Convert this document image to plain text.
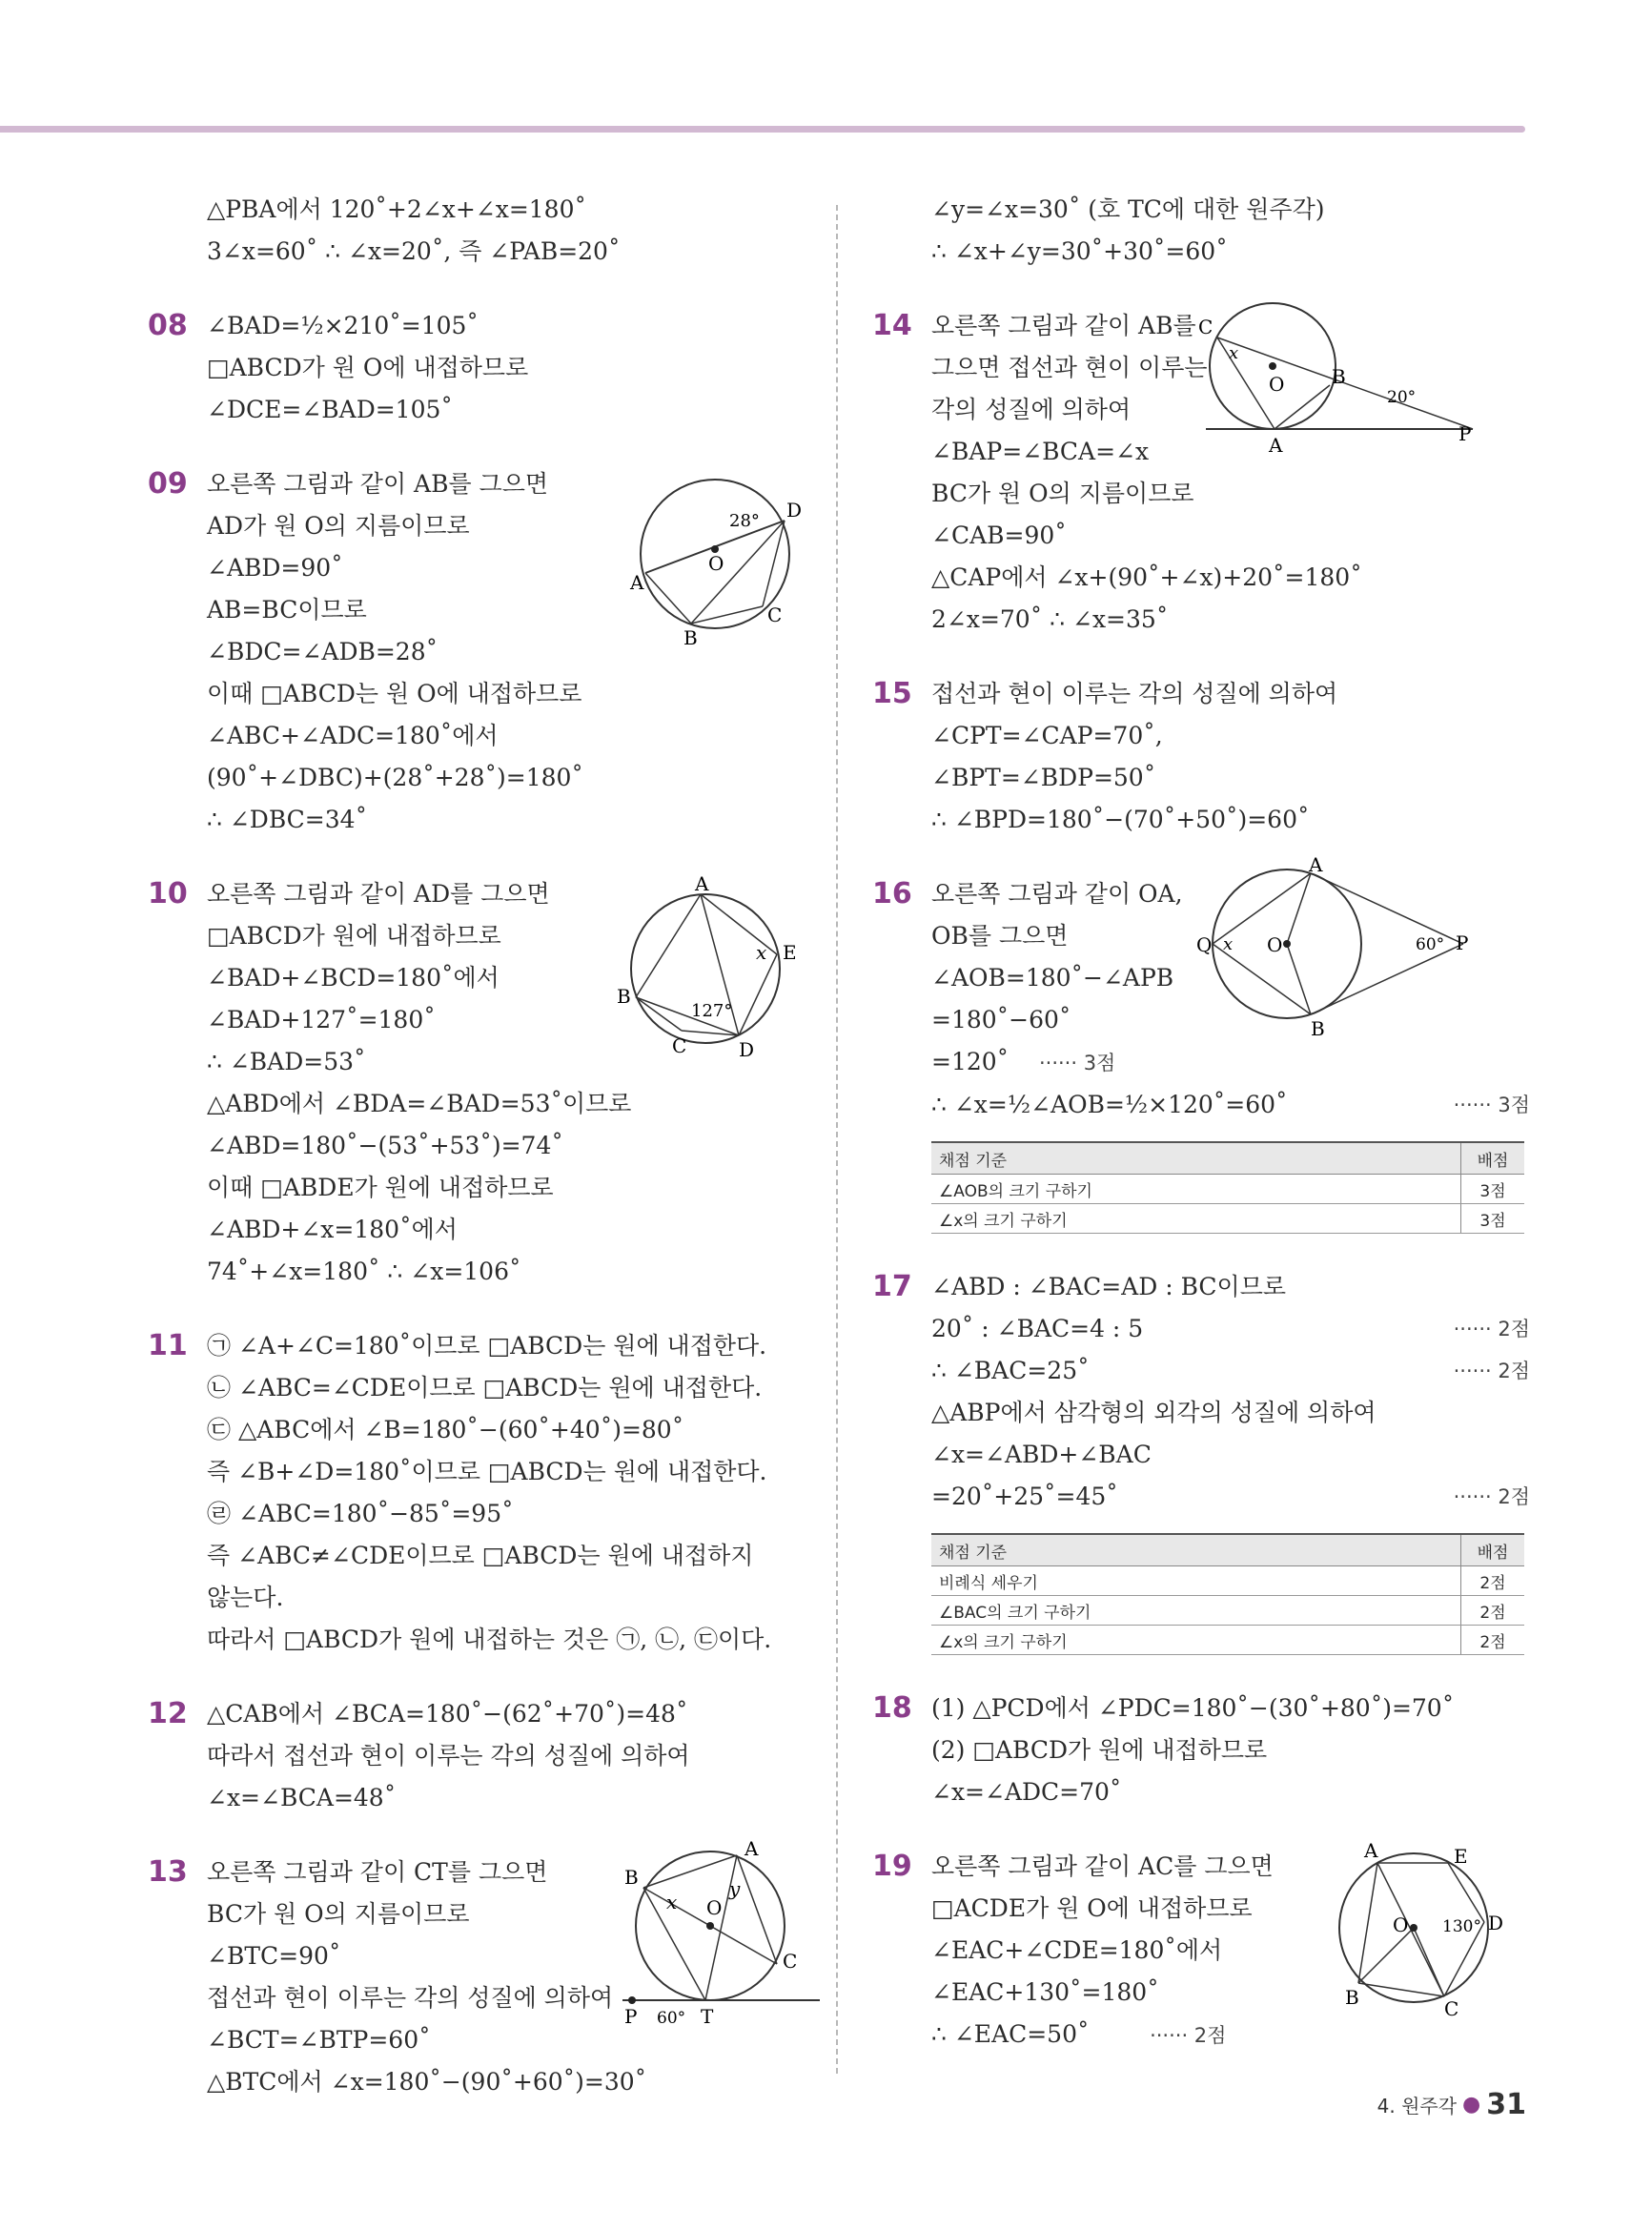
△PBA에서 120˚+2∠x+∠x=180˚
3∠x=60˚ ∴ ∠x=20˚, 즉 ∠PAB=20˚
08 ∠BAD=½×210˚=105˚
□ABCD가 원 O에 내접하므로
∠DCE=∠BAD=105˚
09 오른쪽 그림과 같이 AB를 그으면
AD가 원 O의 지름이므로
∠ABD=90˚
AB=BC이므로
∠BDC=∠ADB=28˚
이때 □ABCD는 원 O에 내접하므로
∠ABC+∠ADC=180˚에서
(90˚+∠DBC)+(28˚+28˚)=180˚
∴ ∠DBC=34˚
A
B
C
D
O
28°
10 오른쪽 그림과 같이 AD를 그으면
□ABCD가 원에 내접하므로
∠BAD+∠BCD=180˚에서
∠BAD+127˚=180˚
∴ ∠BAD=53˚
△ABD에서 ∠BDA=∠BAD=53˚이므로
∠ABD=180˚−(53˚+53˚)=74˚
이때 □ABDE가 원에 내접하므로
∠ABD+∠x=180˚에서
74˚+∠x=180˚ ∴ ∠x=106˚
A
B
C	D
E
x
127°
11 ㉠ ∠A+∠C=180˚이므로 □ABCD는 원에 내접한다.
㉡ ∠ABC=∠CDE이므로 □ABCD는 원에 내접한다.
㉢ △ABC에서 ∠B=180˚−(60˚+40˚)=80˚
즉 ∠B+∠D=180˚이므로 □ABCD는 원에 내접한다.
㉣ ∠ABC=180˚−85˚=95˚
즉 ∠ABC≠∠CDE이므로 □ABCD는 원에 내접하지
않는다.
따라서 □ABCD가 원에 내접하는 것은 ㉠, ㉡, ㉢이다.
12 △CAB에서 ∠BCA=180˚−(62˚+70˚)=48˚
따라서 접선과 현이 이루는 각의 성질에 의하여
∠x=∠BCA=48˚
13 오른쪽 그림과 같이 CT를 그으면
BC가 원 O의 지름이므로
∠BTC=90˚
접선과 현이 이루는 각의 성질에 의하여
∠BCT=∠BTP=60˚
△BTC에서 ∠x=180˚−(90˚+60˚)=30˚
A
B
C
O
P	T
x
y
60°
∠y=∠x=30˚ (호 TC에 대한 원주각)
∴ ∠x+∠y=30˚+30˚=60˚
14 오른쪽 그림과 같이 AB를
그으면 접선과 현이 이루는
각의 성질에 의하여
∠BAP=∠BCA=∠x
BC가 원 O의 지름이므로
∠CAB=90˚
△CAP에서 ∠x+(90˚+∠x)+20˚=180˚
2∠x=70˚ ∴ ∠x=35˚
A
B
C
O
P
x
20°
15 접선과 현이 이루는 각의 성질에 의하여
∠CPT=∠CAP=70˚,
∠BPT=∠BDP=50˚
∴ ∠BPD=180˚−(70˚+50˚)=60˚
16 오른쪽 그림과 같이 OA,
OB를 그으면
∠AOB=180˚−∠APB
=180˚−60˚
=120˚ ······ 3점
∴ ∠x=½∠AOB=½×120˚=60˚	······ 3점
채점 기준	배점
∠AOB의 크기 구하기	3점
∠x의 크기 구하기	3점
A
B
O	P
Q x	60°
17 ∠ABD : ∠BAC=AD : BC이므로
20˚ : ∠BAC=4 : 5	······ 2점
∴ ∠BAC=25˚	······ 2점
△ABP에서 삼각형의 외각의 성질에 의하여
∠x=∠ABD+∠BAC
=20˚+25˚=45˚	······ 2점
채점 기준	배점
비례식 세우기	2점
∠BAC의 크기 구하기	2점
∠x의 크기 구하기	2점
18 (1) △PCD에서 ∠PDC=180˚−(30˚+80˚)=70˚
(2) □ABCD가 원에 내접하므로
∠x=∠ADC=70˚
19 오른쪽 그림과 같이 AC를 그으면
□ACDE가 원 O에 내접하므로
∠EAC+∠CDE=180˚에서
∠EAC+130˚=180˚
∴ ∠EAC=50˚	······ 2점
A
B	C
D
E
O 130°
4. 원주각 ● 31
